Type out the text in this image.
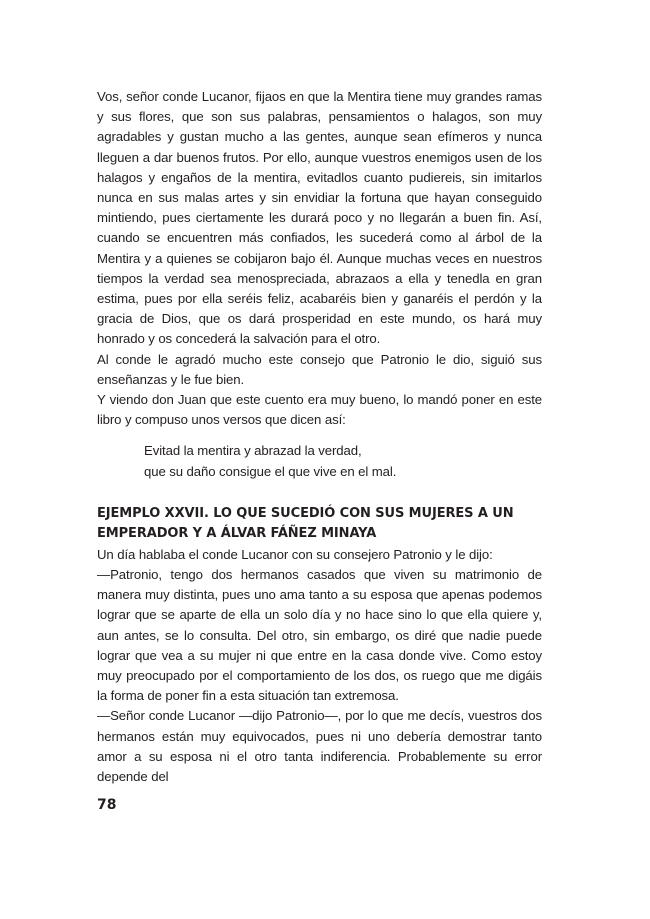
Vos, señor conde Lucanor, fijaos en que la Mentira tiene muy grandes ramas y sus flores, que son sus palabras, pensamientos o halagos, son muy agradables y gustan mucho a las gentes, aunque sean efímeros y nunca lleguen a dar buenos frutos. Por ello, aunque vuestros enemigos usen de los halagos y engaños de la mentira, evitadlos cuanto pudiereis, sin imitarlos nunca en sus malas artes y sin envidiar la fortuna que hayan conseguido mintiendo, pues ciertamente les durará poco y no llegarán a buen fin. Así, cuando se encuentren más confiados, les sucederá como al árbol de la Mentira y a quienes se cobijaron bajo él. Aunque muchas veces en nuestros tiempos la verdad sea menospreciada, abrazaos a ella y tenedla en gran estima, pues por ella seréis feliz, acabaréis bien y ganaréis el perdón y la gracia de Dios, que os dará prosperidad en este mundo, os hará muy honrado y os concederá la salvación para el otro.

Al conde le agradó mucho este consejo que Patronio le dio, siguió sus enseñanzas y le fue bien.

Y viendo don Juan que este cuento era muy bueno, lo mandó poner en este libro y compuso unos versos que dicen así:

Evitad la mentira y abrazad la verdad,
que su daño consigue el que vive en el mal.

EJEMPLO XXVII. LO QUE SUCEDIÓ CON SUS MUJERES A UN EMPERADOR Y A ÁLVAR FÁÑEZ MINAYA

Un día hablaba el conde Lucanor con su consejero Patronio y le dijo:

—Patronio, tengo dos hermanos casados que viven su matrimonio de manera muy distinta, pues uno ama tanto a su esposa que apenas podemos lograr que se aparte de ella un solo día y no hace sino lo que ella quiere y, aun antes, se lo consulta. Del otro, sin embargo, os diré que nadie puede lograr que vea a su mujer ni que entre en la casa donde vive. Como estoy muy preocupado por el comportamiento de los dos, os ruego que me digáis la forma de poner fin a esta situación tan extremosa.

—Señor conde Lucanor —dijo Patronio—, por lo que me decís, vuestros dos hermanos están muy equivocados, pues ni uno debería demostrar tanto amor a su esposa ni el otro tanta indiferencia. Probablemente su error depende del

78
